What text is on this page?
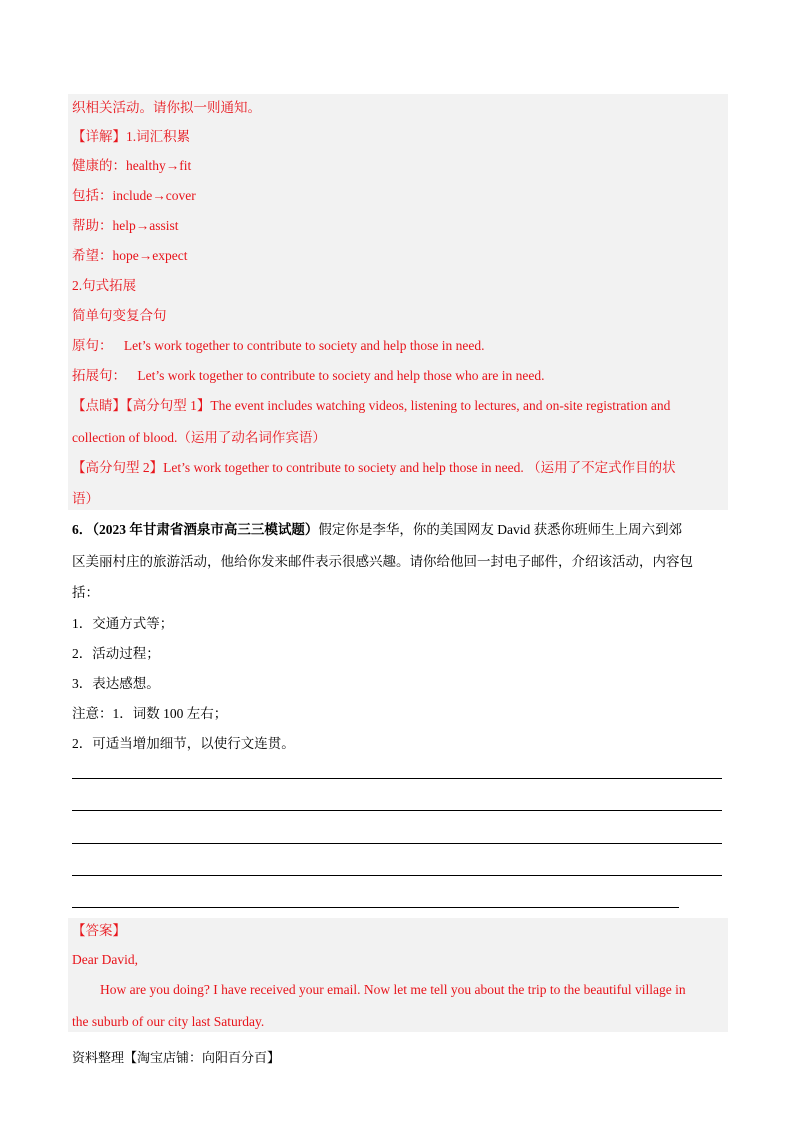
织相关活动。请你拟一则通知。
【详解】1.词汇积累
健康的：healthy→fit
包括：include→cover
帮助：help→assist
希望：hope→expect
2.句式拓展
简单句变复合句
原句： Let’s work together to contribute to society and help those in need.
拓展句： Let’s work together to contribute to society and help those who are in need.
【点睛】【高分句型 1】The event includes watching videos, listening to lectures, and on-site registration and
collection of blood.（运用了动名词作宾语）
【高分句型 2】Let’s work together to contribute to society and help those in need. （运用了不定式作目的状
语）
6．（2023 年甘肃省酒泉市高三三模试题）假定你是李华，你的美国网友 David 获悉你班师生上周六到郊
区美丽村庄的旅游活动，他给你发来邮件表示很感兴趣。请你给他回一封电子邮件，介绍该活动，内容包
括：
1．交通方式等；
2．活动过程；
3．表达感想。
注意：1．词数 100 左右；
2．可适当增加细节，以使行文连贯。
【答案】
Dear David,
How are you doing? I have received your email. Now let me tell you about the trip to the beautiful village in
the suburb of our city last Saturday.
资料整理【淘宝店铺：向阳百分百】
